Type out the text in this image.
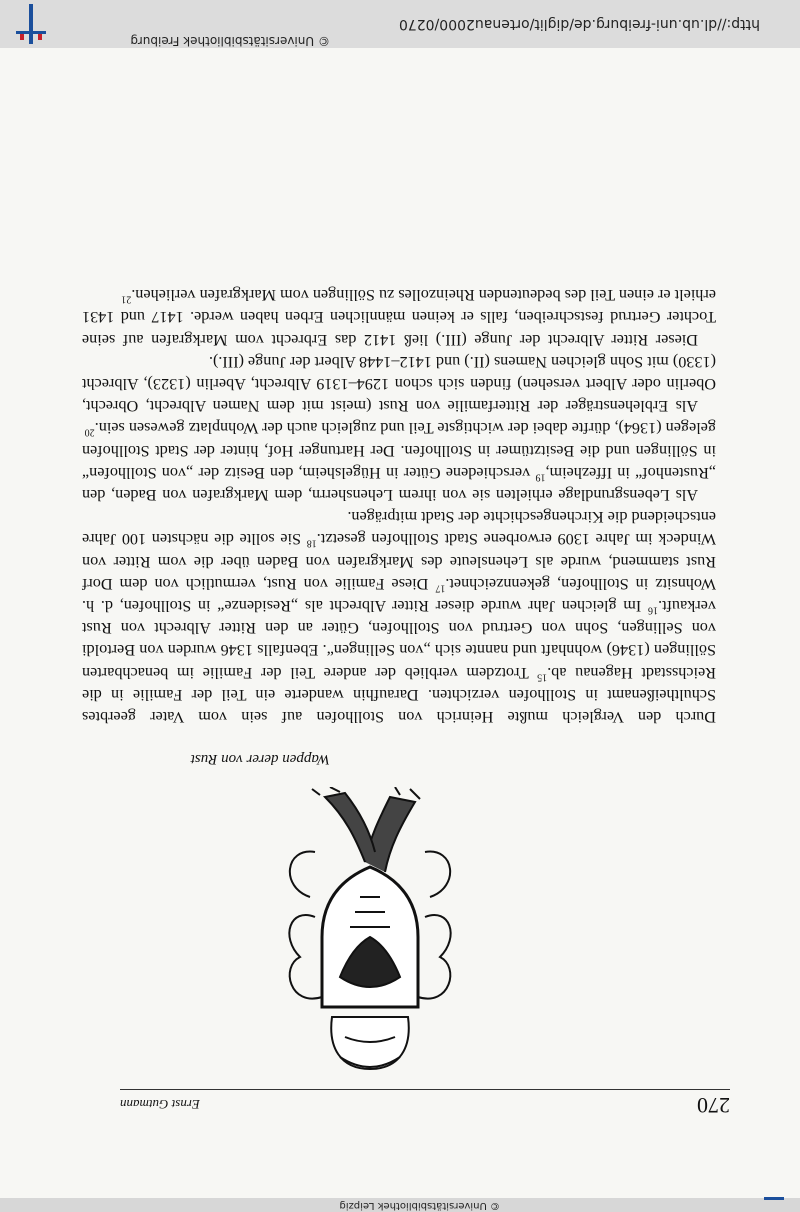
© Universitätsbibliothek Leipzig
270
Ernst Gutmann
Wappen derer von Rust

Durch den Vergleich mußte Heinrich von Stollhofen auf sein vom Vater geerbtes Schultheißenamt in Stollhofen verzichten. Daraufhin wanderte ein Teil der Familie in die Reichsstadt Hagenau ab.$^{15}$ Trotzdem verblieb der andere Teil der Familie im benachbarten Söllingen (1346) wohnhaft und nannte sich „von Sellingen“. Ebenfalls 1346 wurden von Bertoldi von Sellingen, Sohn von Gertrud von Stollhofen, Güter an den Ritter Albrecht von Rust verkauft.$^{16}$ Im gleichen Jahr wurde dieser Ritter Albrecht als „Residenze“ in Stollhofen, d. h. Wohnsitz in Stollhofen, gekennzeichnet.$^{17}$ Diese Familie von Rust, vermutlich von dem Dorf Rust stammend, wurde als Lehensleute des Markgrafen von Baden über die vom Ritter von Windeck im Jahre 1309 erworbene Stadt Stollhofen gesetzt.$^{18}$ Sie sollte die nächsten 100 Jahre entscheidend die Kirchengeschichte der Stadt mitprägen.

Als Lebensgrundlage erhielten sie von ihrem Lehensherrn, dem Markgrafen von Baden, den „Rustenhof“ in Iffezheim,$^{19}$ verschiedene Güter in Hügelsheim, den Besitz der „von Stollhofen“ in Söllingen und die Besitztümer in Stollhofen. Der Hartunger Hof, hinter der Stadt Stollhofen gelegen (1364), dürfte dabei der wichtigste Teil und zugleich auch der Wohnplatz gewesen sein.$^{20}$

Als Erblehensträger der Ritterfamilie von Rust (meist mit dem Namen Albrecht, Obrecht, Oberlin oder Albert versehen) finden sich schon 1294–1319 Albrecht, Aberlin (1323), Albrecht (1330) mit Sohn gleichen Namens (II.) und 1412–1448 Albert der Junge (III.).

Dieser Ritter Albrecht der Junge (III.) ließ 1412 das Erbrecht vom Markgrafen auf seine Tochter Gertrud festschreiben, falls er keinen männlichen Erben haben werde. 1417 und 1431 erhielt er einen Teil des bedeutenden Rheinzolles zu Söllingen vom Markgrafen verliehen.$^{21}$

http://dl.ub.uni-freiburg.de/diglit/ortenau2000/0270
© Universitätsbibliothek Freiburg
